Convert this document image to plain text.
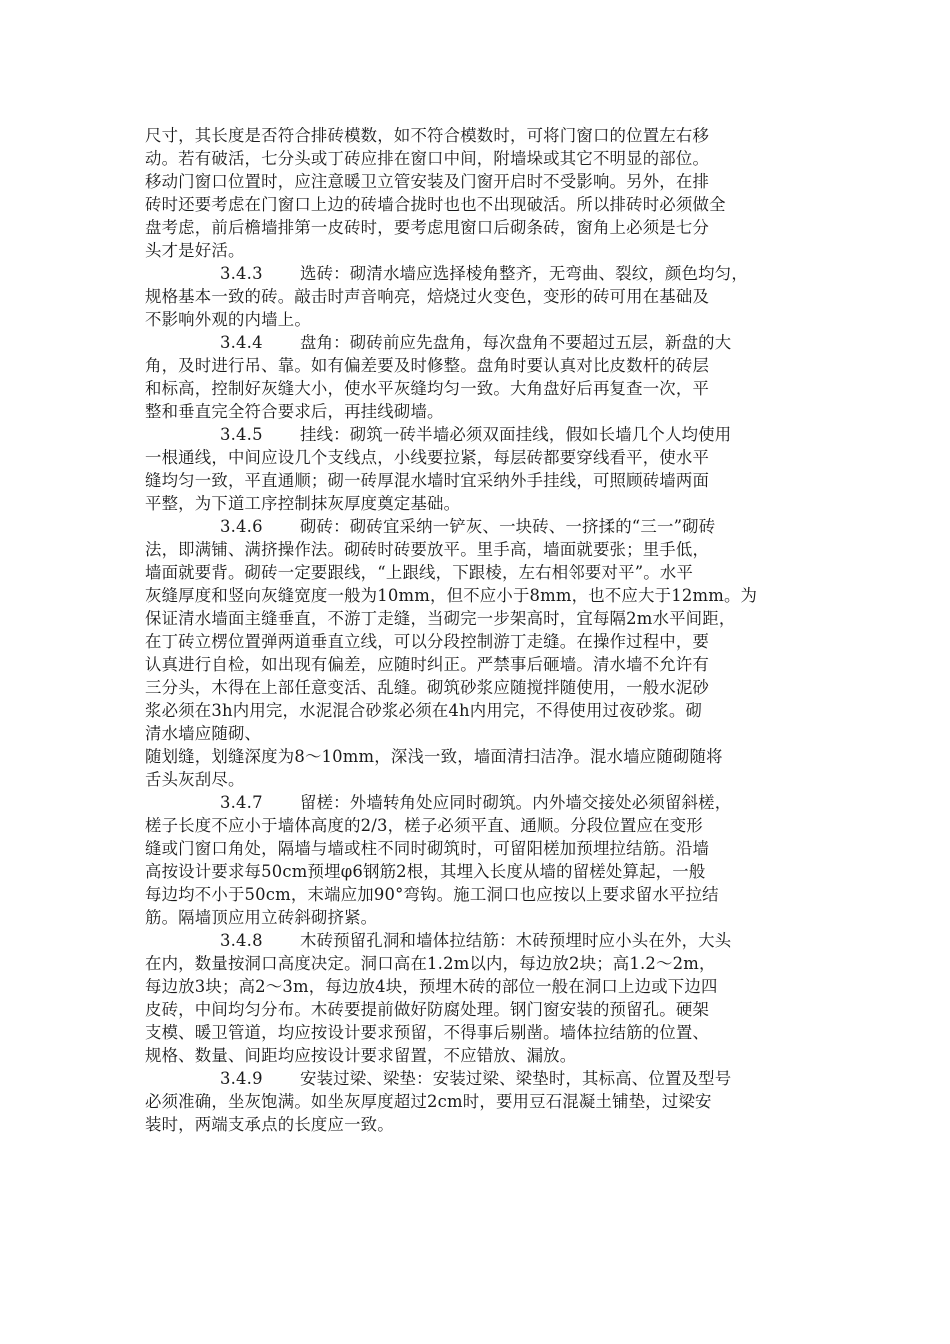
尺寸，其长度是否符合排砖模数，如不符合模数时，可将门窗口的位置左右移
动。若有破活，七分头或丁砖应排在窗口中间，附墙垛或其它不明显的部位。
移动门窗口位置时，应注意暖卫立管安装及门窗开启时不受影响。另外，在排
砖时还要考虑在门窗口上边的砖墙合拢时也也不出现破活。所以排砖时必须做全
盘考虑，前后檐墙排第一皮砖时，要考虑甩窗口后砌条砖，窗角上必须是七分
头才是好活。
3.4.3 选砖：砌清水墙应选择棱角整齐，无弯曲、裂纹，颜色均匀，
规格基本一致的砖。敲击时声音响亮，焙烧过火变色，变形的砖可用在基础及
不影响外观的内墙上。
3.4.4 盘角：砌砖前应先盘角，每次盘角不要超过五层，新盘的大
角，及时进行吊、靠。如有偏差要及时修整。盘角时要认真对比皮数杆的砖层
和标高，控制好灰缝大小，使水平灰缝均匀一致。大角盘好后再复查一次，平
整和垂直完全符合要求后，再挂线砌墙。
3.4.5 挂线：砌筑一砖半墙必须双面挂线，假如长墙几个人均使用
一根通线，中间应设几个支线点，小线要拉紧，每层砖都要穿线看平，使水平
缝均匀一致，平直通顺；砌一砖厚混水墙时宜采纳外手挂线，可照顾砖墙两面
平整，为下道工序控制抹灰厚度奠定基础。
3.4.6 砌砖：砌砖宜采纳一铲灰、一块砖、一挤揉的“三一”砌砖
法，即满铺、满挤操作法。砌砖时砖要放平。里手高，墙面就要张；里手低，
墙面就要背。砌砖一定要跟线，“上跟线，下跟棱，左右相邻要对平”。水平
灰缝厚度和竖向灰缝宽度一般为10mm，但不应小于8mm，也不应大于12mm。为
保证清水墙面主缝垂直，不游丁走缝，当砌完一步架高时，宜每隔2m水平间距，
在丁砖立楞位置弹两道垂直立线，可以分段控制游丁走缝。在操作过程中，要
认真进行自检，如出现有偏差，应随时纠正。严禁事后砸墙。清水墙不允许有
三分头，木得在上部任意变活、乱缝。砌筑砂浆应随搅拌随使用，一般水泥砂
浆必须在3h内用完，水泥混合砂浆必须在4h内用完，不得使用过夜砂浆。砌
清水墙应随砌、
随划缝，划缝深度为8～10mm，深浅一致，墙面清扫洁净。混水墙应随砌随将
舌头灰刮尽。
3.4.7 留槎：外墙转角处应同时砌筑。内外墙交接处必须留斜槎，
槎子长度不应小于墙体高度的2/3，槎子必须平直、通顺。分段位置应在变形
缝或门窗口角处，隔墙与墙或柱不同时砌筑时，可留阳槎加预埋拉结筋。沿墙
高按设计要求每50cm预埋φ6钢筋2根，其埋入长度从墙的留槎处算起，一般
每边均不小于50cm，末端应加90°弯钩。施工洞口也应按以上要求留水平拉结
筋。隔墙顶应用立砖斜砌挤紧。
3.4.8 木砖预留孔洞和墙体拉结筋：木砖预埋时应小头在外，大头
在内，数量按洞口高度决定。洞口高在1.2m以内，每边放2块；高1.2～2m，
每边放3块；高2～3m，每边放4块，预埋木砖的部位一般在洞口上边或下边四
皮砖，中间均匀分布。木砖要提前做好防腐处理。钢门窗安装的预留孔。硬架
支模、暖卫管道，均应按设计要求预留，不得事后剔凿。墙体拉结筋的位置、
规格、数量、间距均应按设计要求留置，不应错放、漏放。
3.4.9 安装过梁、梁垫：安装过梁、梁垫时，其标高、位置及型号
必须准确，坐灰饱满。如坐灰厚度超过2cm时，要用豆石混凝土铺垫，过梁安
装时，两端支承点的长度应一致。
